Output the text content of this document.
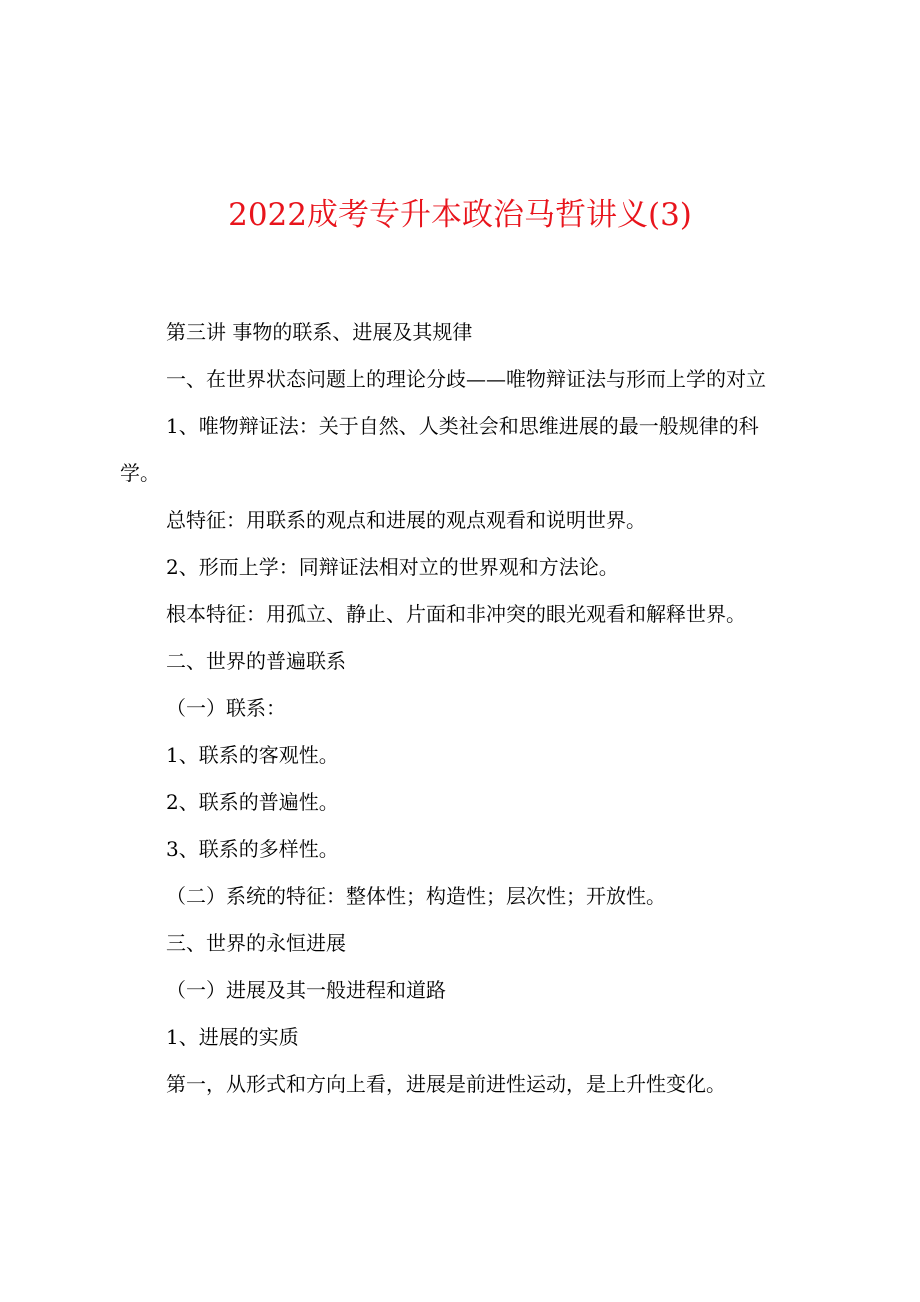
2022成考专升本政治马哲讲义(3)

第三讲 事物的联系、进展及其规律

一、在世界状态问题上的理论分歧——唯物辩证法与形而上学的对立

1、唯物辩证法：关于自然、人类社会和思维进展的最一般规律的科
学。

总特征：用联系的观点和进展的观点观看和说明世界。

2、形而上学：同辩证法相对立的世界观和方法论。

根本特征：用孤立、静止、片面和非冲突的眼光观看和解释世界。

二、世界的普遍联系

（一）联系：

1、联系的客观性。

2、联系的普遍性。

3、联系的多样性。

（二）系统的特征：整体性；构造性；层次性；开放性。

三、世界的永恒进展

（一）进展及其一般进程和道路

1、进展的实质

第一，从形式和方向上看，进展是前进性运动，是上升性变化。
